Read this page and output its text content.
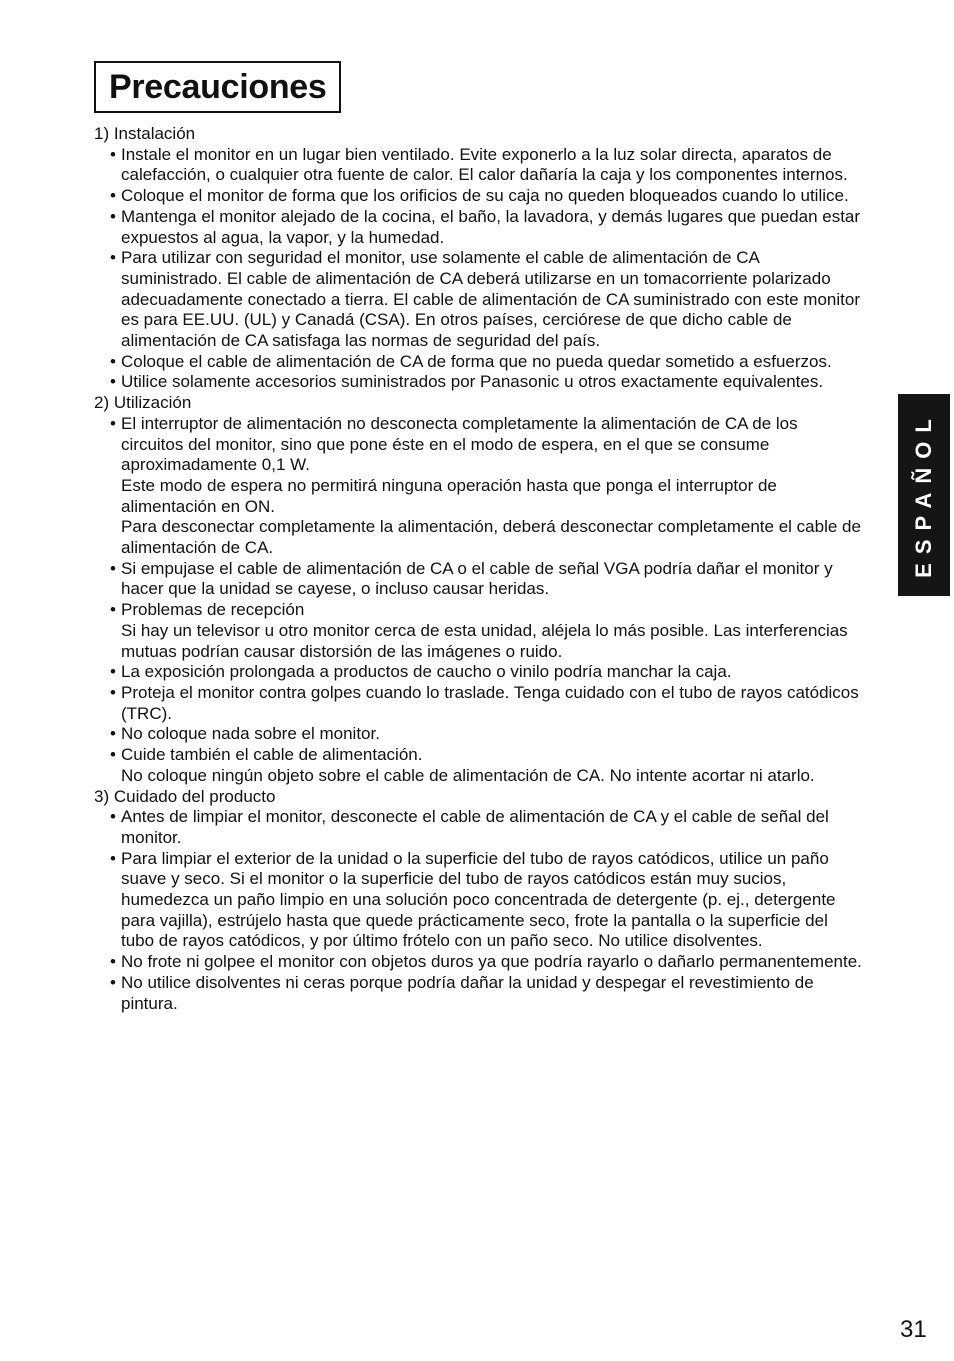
Precauciones

1) Instalación

• Instale el monitor en un lugar bien ventilado. Evite exponerlo a la luz solar directa, aparatos de calefacción, o cualquier otra fuente de calor. El calor dañaría la caja y los componentes internos.

• Coloque el monitor de forma que los orificios de su caja no queden bloqueados cuando lo utilice.

• Mantenga el monitor alejado de la cocina, el baño, la lavadora, y demás lugares que puedan estar expuestos al agua, la vapor, y la humedad.

• Para utilizar con seguridad el monitor, use solamente el cable de alimentación de CA suministrado. El cable de alimentación de CA deberá utilizarse en un tomacorriente polarizado adecuadamente conectado a tierra. El cable de alimentación de CA suministrado con este monitor es para EE.UU. (UL) y Canadá (CSA). En otros países, cerciórese de que dicho cable de alimentación de CA satisfaga las normas de seguridad del país.

• Coloque el cable de alimentación de CA de forma que no pueda quedar sometido a esfuerzos.

• Utilice solamente accesorios suministrados por Panasonic u otros exactamente equivalentes.

2) Utilización

• El interruptor de alimentación no desconecta completamente la alimentación de CA de los circuitos del monitor, sino que pone éste en el modo de espera, en el que se consume aproximadamente 0,1 W.

Este modo de espera no permitirá ninguna operación hasta que ponga el interruptor de alimentación en ON.

Para desconectar completamente la alimentación, deberá desconectar completamente el cable de alimentación de CA.

• Si empujase el cable de alimentación de CA o el cable de señal VGA podría dañar el monitor y hacer que la unidad se cayese, o incluso causar heridas.

• Problemas de recepción

Si hay un televisor u otro monitor cerca de esta unidad, aléjela lo más posible. Las interferencias mutuas podrían causar distorsión de las imágenes o ruido.

• La exposición prolongada a productos de caucho o vinilo podría manchar la caja.

• Proteja el monitor contra golpes cuando lo traslade. Tenga cuidado con el tubo de rayos catódicos (TRC).

• No coloque nada sobre el monitor.

• Cuide también el cable de alimentación.

No coloque ningún objeto sobre el cable de alimentación de CA. No intente acortar ni atarlo.

3) Cuidado del producto

• Antes de limpiar el monitor, desconecte el cable de alimentación de CA y el cable de señal del monitor.

• Para limpiar el exterior de la unidad o la superficie del tubo de rayos catódicos, utilice un paño suave y seco. Si el monitor o la superficie del tubo de rayos catódicos están muy sucios, humedezca un paño limpio en una solución poco concentrada de detergente (p. ej., detergente para vajilla), estrújelo hasta que quede prácticamente seco, frote la pantalla o la superficie del tubo de rayos catódicos, y por último frótelo con un paño seco. No utilice disolventes.

• No frote ni golpee el monitor con objetos duros ya que podría rayarlo o dañarlo permanentemente.

• No utilice disolventes ni ceras porque podría dañar la unidad y despegar el revestimiento de pintura.

ESPAÑOL
31
